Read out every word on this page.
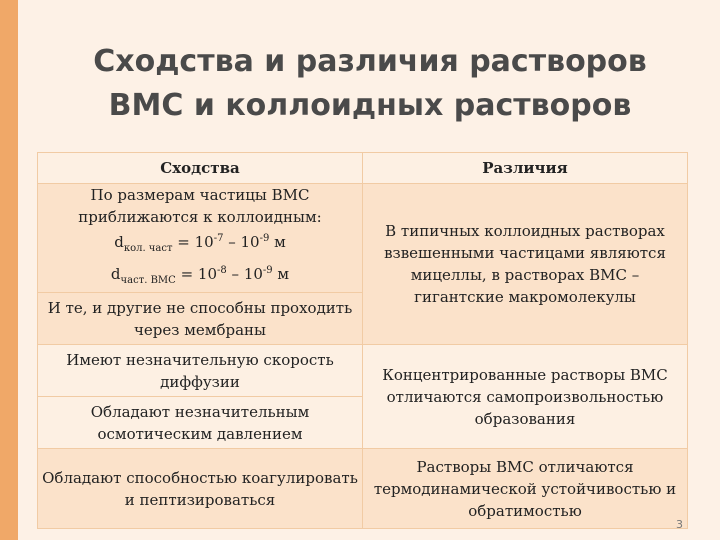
Сходства и различия растворов
ВМС и коллоидных растворов
Сходства	Различия

По размерам частицы ВМС
приближаются к коллоидным:
$d_{кол. част} = 10^{-7} - 10^{-9}$ м
$d_{част. ВМС} = 10^{-8} - 10^{-9}$ м	В типичных коллоидных растворах взвешенными частицами являются мицеллы, в растворах ВМС – гигантские макромолекулы
И те, и другие не способны проходить через мембраны	
Имеют незначительную скорость диффузии	Концентрированные растворы ВМС отличаются самопроизвольностью образования
Обладают незначительным осмотическим давлением	
Обладают способностью коагулировать и пептизироваться	Растворы ВМС отличаются термодинамической устойчивостью и обратимостью
3
